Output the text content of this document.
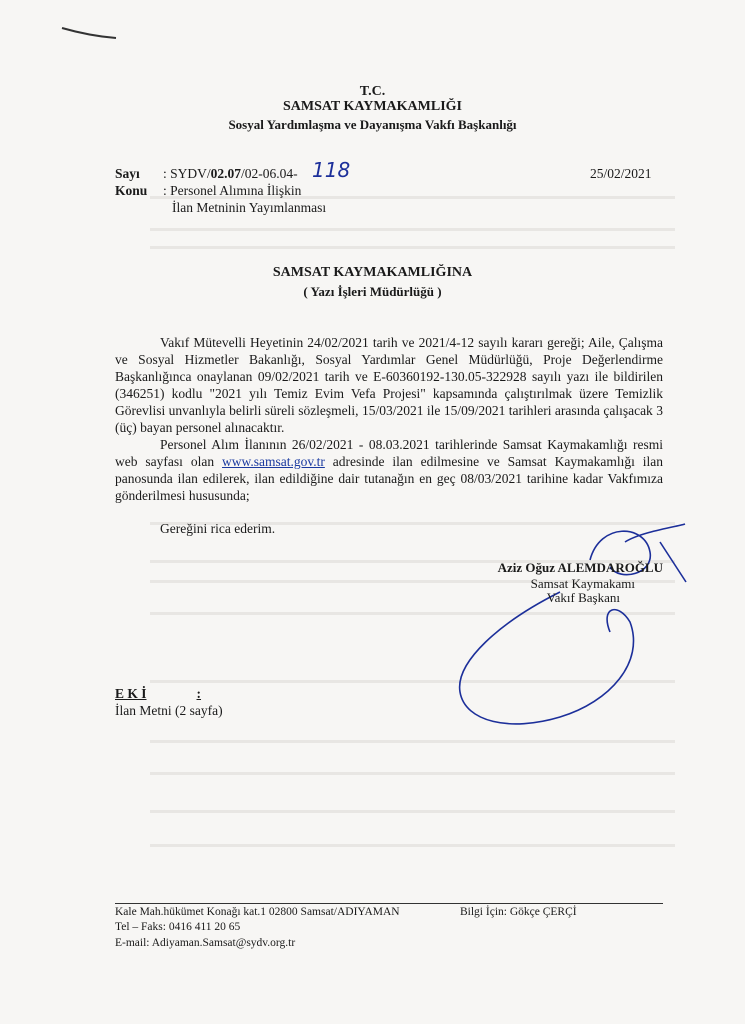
T.C.
SAMSAT KAYMAKAMLIĞI
Sosyal Yardımlaşma ve Dayanışma Vakfı Başkanlığı
Sayı : SYDV/02.07/02-06.04- 118	25/02/2021
Konu : Personel Alımına İlişkin
İlan Metninin Yayımlanması
SAMSAT KAYMAKAMLIĞINA
( Yazı İşleri Müdürlüğü )
Vakıf Mütevelli Heyetinin 24/02/2021 tarih ve 2021/4-12 sayılı kararı gereği; Aile, Çalışma ve Sosyal Hizmetler Bakanlığı, Sosyal Yardımlar Genel Müdürlüğü, Proje Değerlendirme Başkanlığınca onaylanan 09/02/2021 tarih ve E-60360192-130.05-322928 sayılı yazı ile bildirilen (346251) kodlu "2021 yılı Temiz Evim Vefa Projesi" kapsamında çalıştırılmak üzere Temizlik Görevlisi unvanlıyla belirli süreli sözleşmeli, 15/03/2021 ile 15/09/2021 tarihleri arasında çalışacak 3 (üç) bayan personel alınacaktır.
Personel Alım İlanının 26/02/2021 - 08.03.2021 tarihlerinde Samsat Kaymakamlığı resmi web sayfası olan www.samsat.gov.tr adresinde ilan edilmesine ve Samsat Kaymakamlığı ilan panosunda ilan edilerek, ilan edildiğine dair tutanağın en geç 08/03/2021 tarihine kadar Vakfımıza gönderilmesi hususunda;
Gereğini rica ederim.
Aziz Oğuz ALEMDAROĞLU
Samsat Kaymakamı
Vakıf Başkanı
E K İ	:
İlan Metni (2 sayfa)
Kale Mah.hükümet Konağı kat.1 02800 Samsat/ADIYAMAN	Bilgi İçin: Gökçe ÇERÇİ
Tel – Faks: 0416 411 20 65
E-mail: Adiyaman.Samsat@sydv.org.tr
